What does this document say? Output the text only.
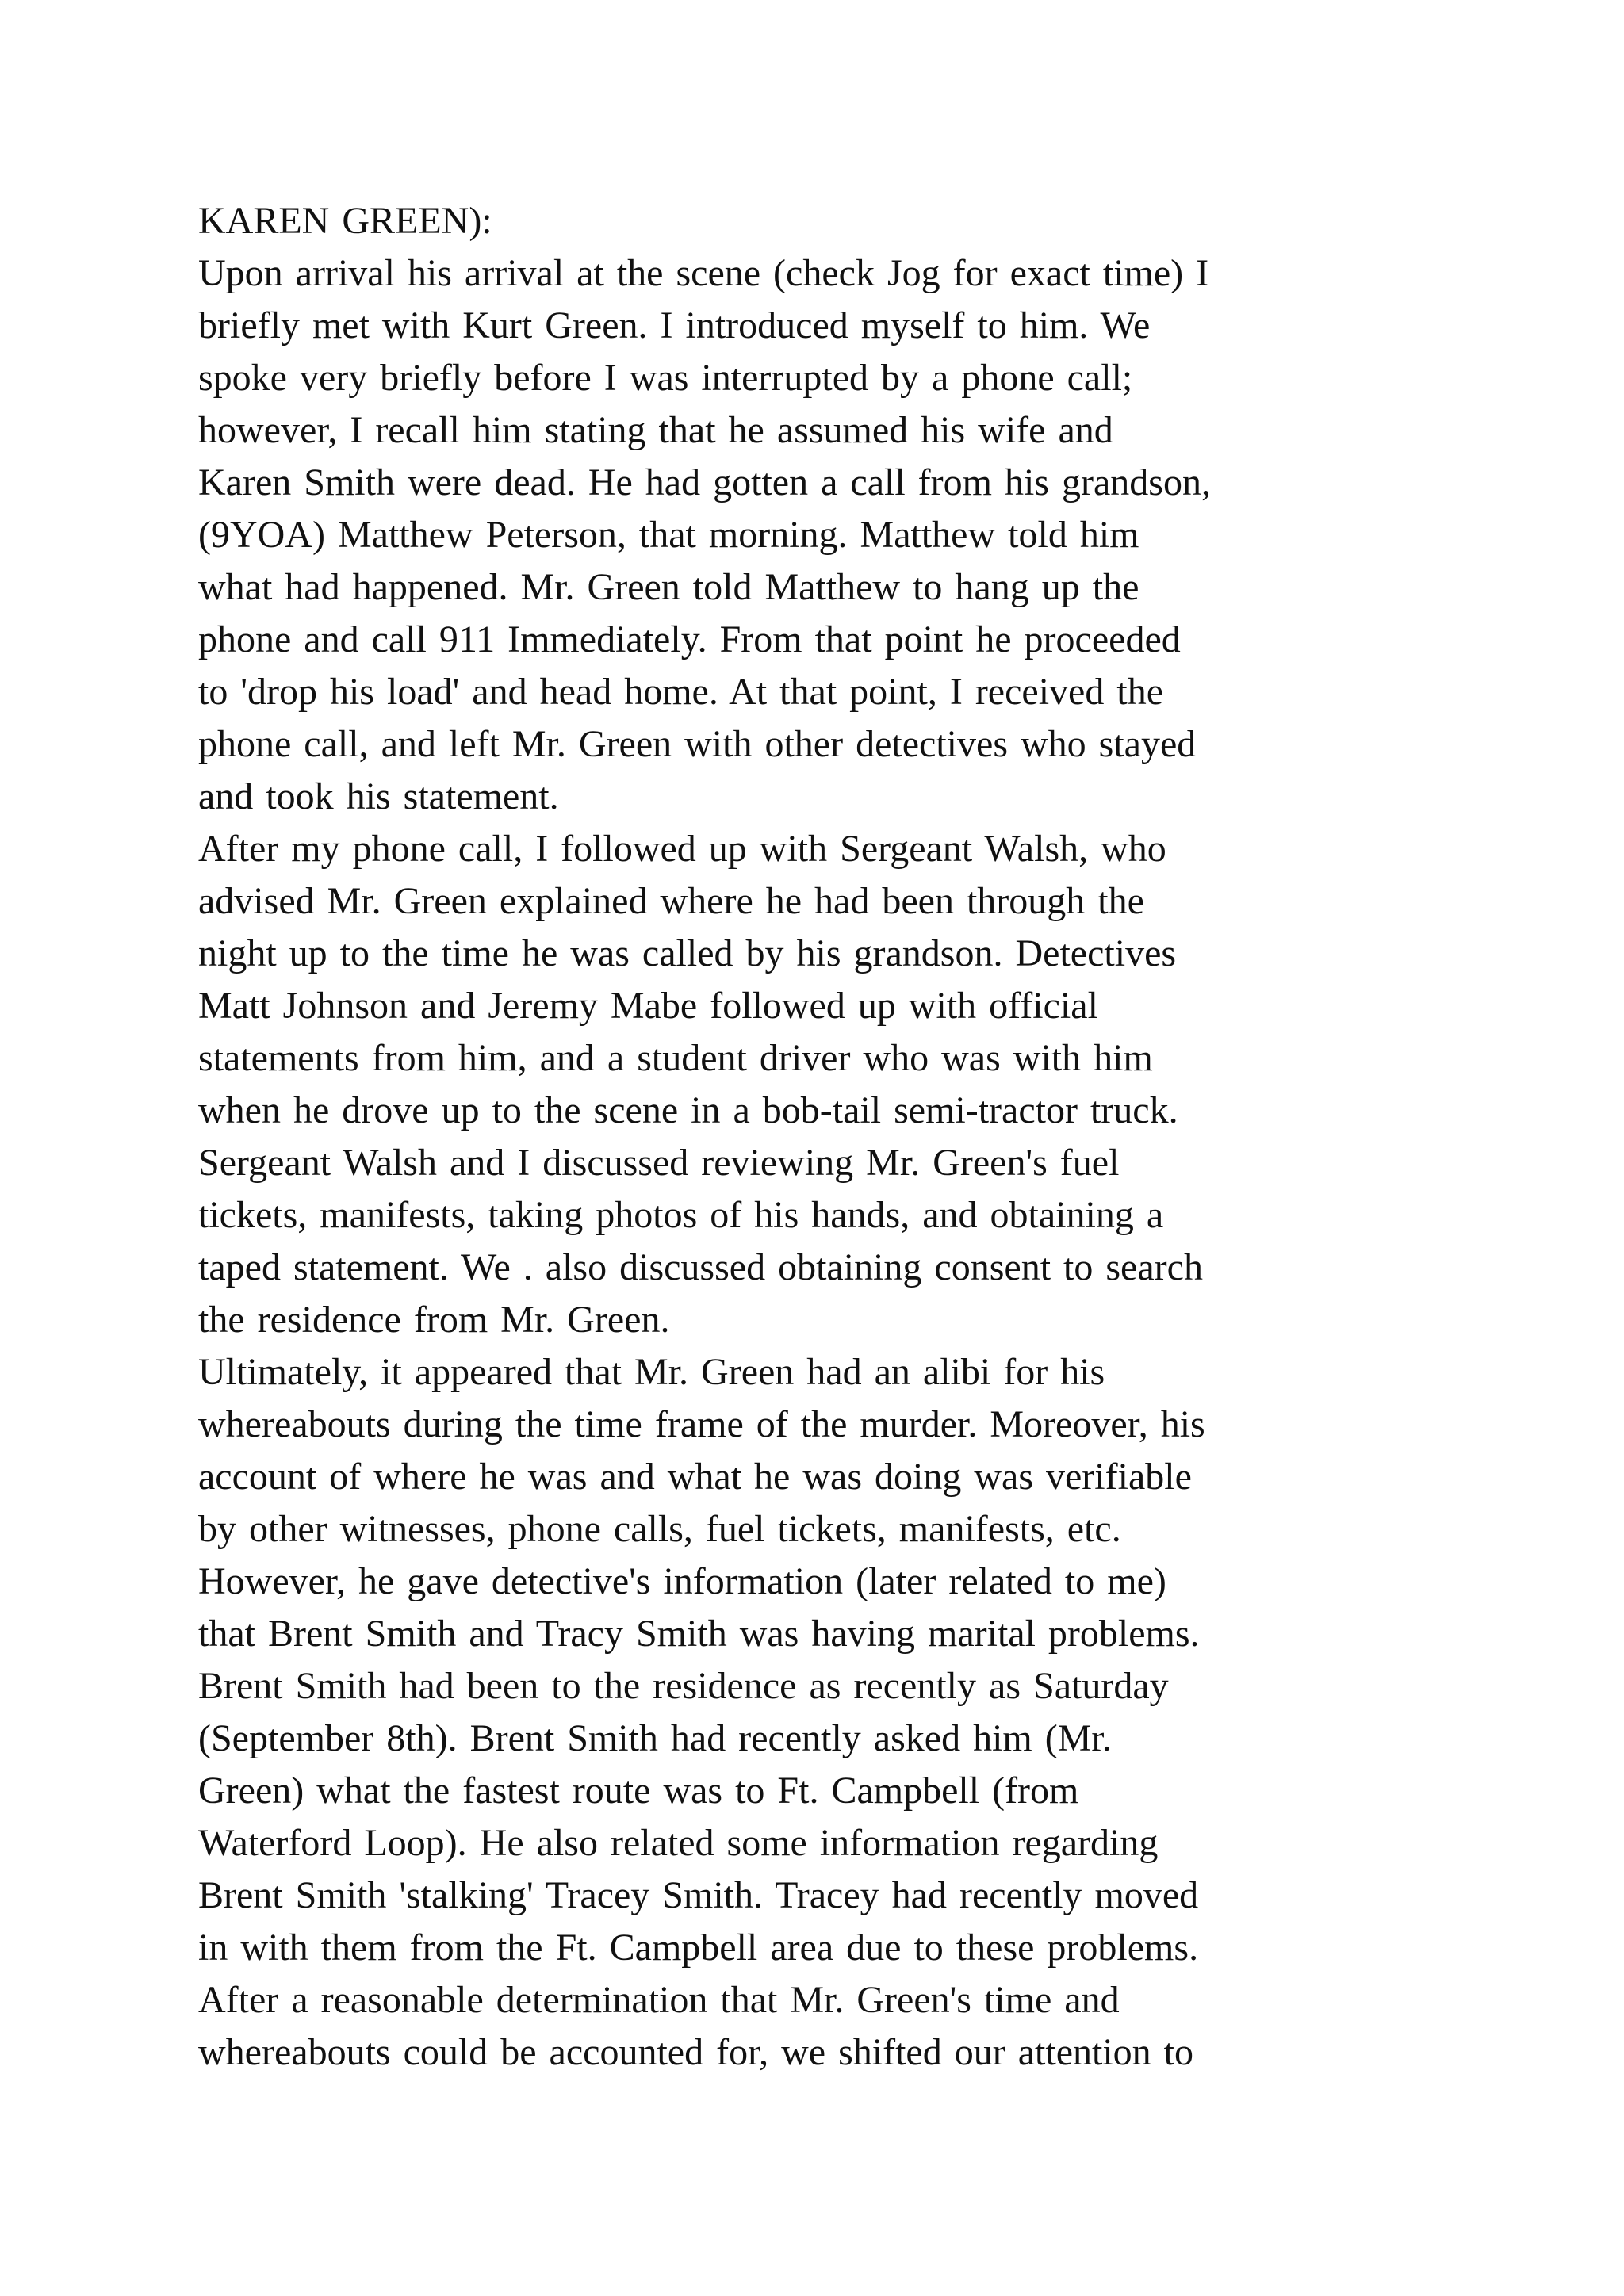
KAREN GREEN):
Upon arrival his arrival at the scene (check Jog for exact time) I
briefly met with Kurt Green. I introduced myself to him. We
spoke very briefly before I was interrupted by a phone call;
however, I recall him stating that he assumed his wife and
Karen Smith were dead. He had gotten a call from his grandson,
(9YOA) Matthew Peterson, that morning. Matthew told him
what had happened. Mr. Green told Matthew to hang up the
phone and call 911 Immediately. From that point he proceeded
to 'drop his load' and head home. At that point, I received the
phone call, and left Mr. Green with other detectives who stayed
and took his statement.
After my phone call, I followed up with Sergeant Walsh, who
advised Mr. Green explained where he had been through the
night up to the time he was called by his grandson. Detectives
Matt Johnson and Jeremy Mabe followed up with official
statements from him, and a student driver who was with him
when he drove up to the scene in a bob-tail semi-tractor truck.
Sergeant Walsh and I discussed reviewing Mr. Green's fuel
tickets, manifests, taking photos of his hands, and obtaining a
taped statement. We . also discussed obtaining consent to search
the residence from Mr. Green.
Ultimately, it appeared that Mr. Green had an alibi for his
whereabouts during the time frame of the murder. Moreover, his
account of where he was and what he was doing was verifiable
by other witnesses, phone calls, fuel tickets, manifests, etc.
However, he gave detective's information (later related to me)
that Brent Smith and Tracy Smith was having marital problems.
Brent Smith had been to the residence as recently as Saturday
(September 8th). Brent Smith had recently asked him (Mr.
Green) what the fastest route was to Ft. Campbell (from
Waterford Loop). He also related some information regarding
Brent Smith 'stalking' Tracey Smith. Tracey had recently moved
in with them from the Ft. Campbell area due to these problems.
After a reasonable determination that Mr. Green's time and
whereabouts could be accounted for, we shifted our attention to
